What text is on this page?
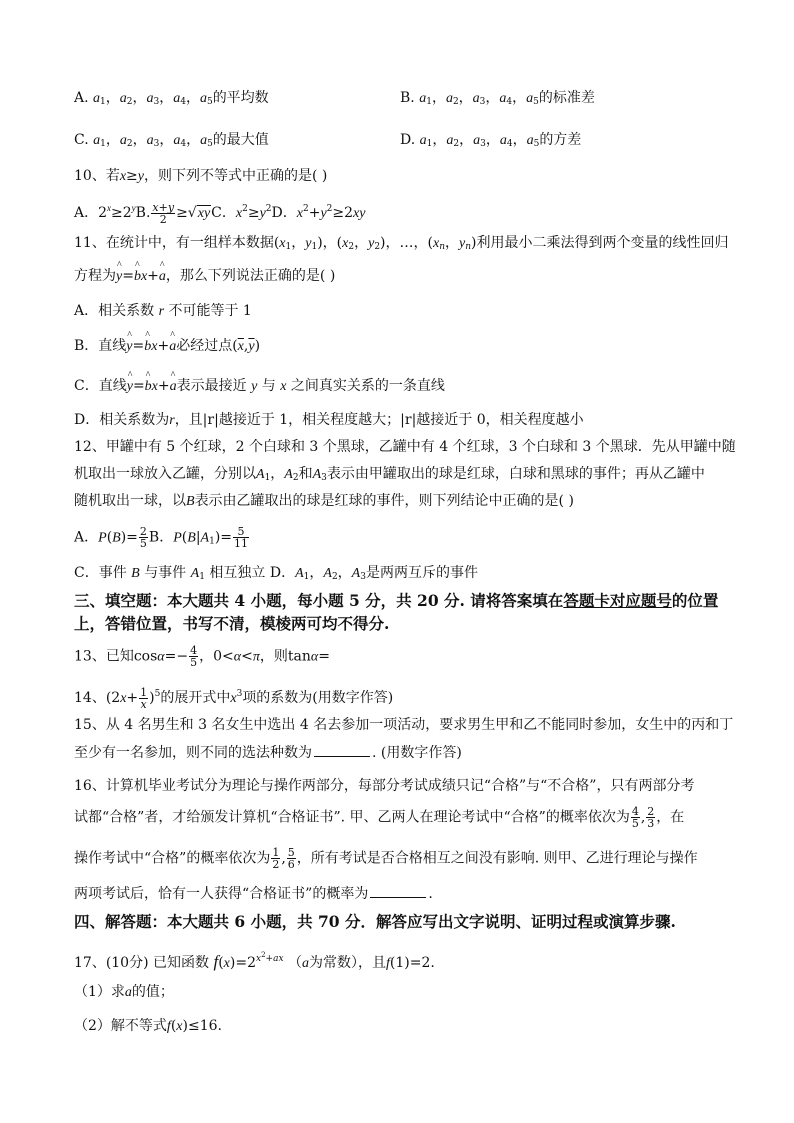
A. $a_1$，$a_2$，$a_3$，$a_4$，$a_5$的平均数	B. $a_1$，$a_2$，$a_3$，$a_4$，$a_5$的标准差
C. $a_1$，$a_2$，$a_3$，$a_4$，$a_5$的最大值	D. $a_1$，$a_2$，$a_3$，$a_4$，$a_5$的方差
10、若x≥y，则下列不等式中正确的是( )
A．$2^x\ge 2^yB$. $\frac{x+y}{2} \ge√xyC$．$x^2\ge y^2D$．$x^2+y^2\ge 2xy$
11、在统计中，有一组样本数据($x_1$，$y_1$)，($x_2$，$y_2$)，…，($x_n$，$y_n$)利用最小二乘法得到两个变量的线性回归
方程为^ y=^ bx+^ a，那么下列说法正确的是( )
A．相关系数 r 不可能等于 1
B．直线^ y=^ bx+^ a必经过点$(\overline{x},\overline{y})$
C．直线^ y=^ bx+^ a表示最接近 y 与 x 之间真实关系的一条直线
D．相关系数为r，且|r|越接近于 1，相关程度越大；|r|越接近于 0，相关程度越小
12、甲罐中有 5 个红球，2 个白球和 3 个黑球，乙罐中有 4 个红球，3 个白球和 3 个黑球．先从甲罐中随
机取出一球放入乙罐，分别以$A_1$，$A_2$和$A_3$表示由甲罐取出的球是红球，白球和黑球的事件；再从乙罐中
随机取出一球，以B表示由乙罐取出的球是红球的事件，则下列结论中正确的是( )
A．$P(B)= \frac{2}{5}$ B．$P(B|A_1)= \frac{5}{11}$
C．事件 B 与事件 $A_1$ 相互独立 D．$A_1$，$A_2$，$A_3$是两两互斥的事件
三、填空题：本大题共 4 小题，每小题 5 分，共 20 分. 请将答案填在答题卡对应题号的位置
上，答错位置，书写不清，模棱两可均不得分.
13、已知$\cos\alpha=- \frac{4}{5}$ ，0<α<π，则tanα=
14、$(2x+ \frac{1}{x} )^5$的展开式中$x^3$项的系数为(用数字作答)
15、从 4 名男生和 3 名女生中选出 4 名去参加一项活动，要求男生甲和乙不能同时参加，女生中的丙和丁
至少有一名参加，则不同的选法种数为	. (用数字作答)
16、计算机毕业考试分为理论与操作两部分，每部分考试成绩只记“合格”与“不合格”，只有两部分考
试都“合格”者，才给颁发计算机“合格证书”. 甲、乙两人在理论考试中“合格”的概率依次为 $\frac{4}{5}$ , $\frac{2}{3}$ ，在
操作考试中“合格”的概率依次为 $\frac{1}{2}$ , $\frac{5}{6}$ ，所有考试是否合格相互之间没有影响. 则甲、乙进行理论与操作
两项考试后，恰有一人获得“合格证书”的概率为	.
四、解答题：本大题共 6 小题，共 70 分．解答应写出文字说明、证明过程或演算步骤.
17、(10分) 已知函数 $f(x)=2^{x^2+ax}$ （a为常数），且f(1)=2.
（1）求a的值；
（2）解不等式f(x)≤16.
